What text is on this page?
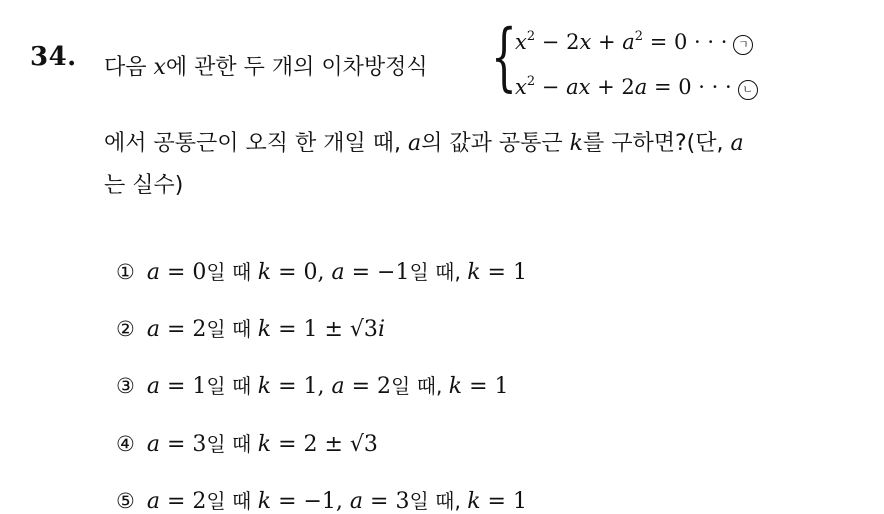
34. 다음 x에 관한 두 개의 이차방정식 {
$x^2 - 2x + a^2 = 0$ · · · ㄱ
$x^2$ − ax + 2a = 0 · · · ㄴ
에서 공통근이 오직 한 개일 때, a의 값과 공통근 k를 구하면?(단, a
는 실수)
① a = 0일 때 k = 0, a = −1일 때, k = 1
② a = 2일 때 k = 1 ± √3i
③ a = 1일 때 k = 1, a = 2일 때, k = 1
④ a = 3일 때 k = 2 ± √3
⑤ a = 2일 때 k = −1, a = 3일 때, k = 1
